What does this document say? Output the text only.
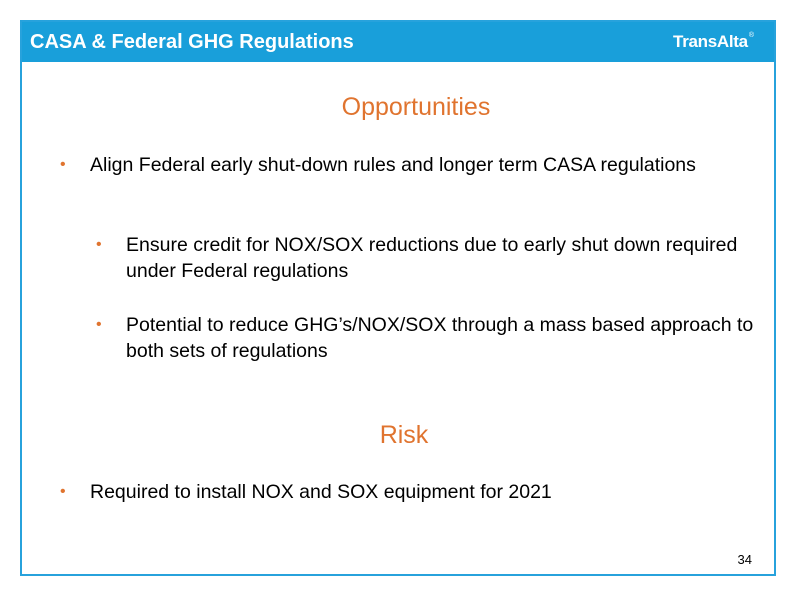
CASA & Federal GHG Regulations	TransAlta ®
Opportunities
• Align Federal early shut-down rules and longer term CASA regulations
• Ensure credit for NOX/SOX reductions due to early shut down required under Federal regulations
• Potential to reduce GHG’s/NOX/SOX through a mass based approach to both sets of regulations
Risk
• Required to install NOX and SOX equipment for 2021
34
